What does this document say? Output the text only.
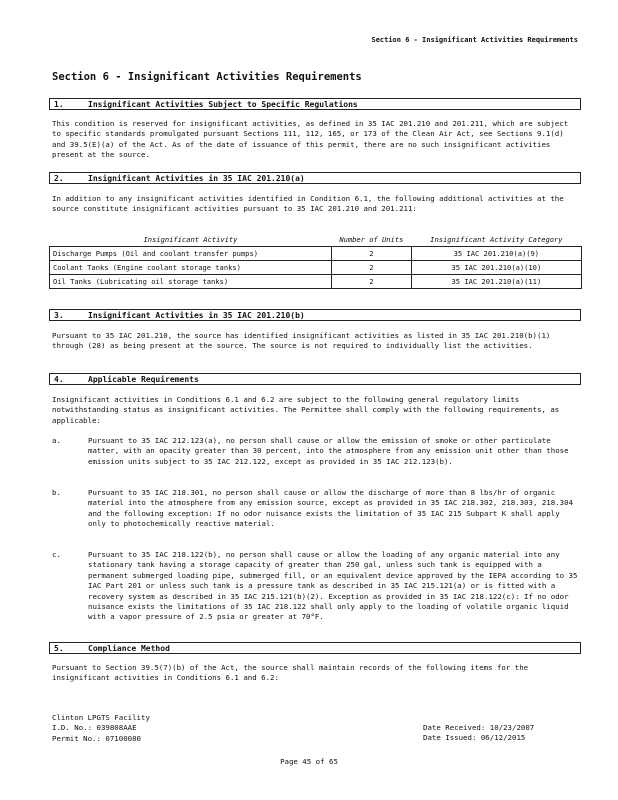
Section 6 - Insignificant Activities Requirements
Section 6 - Insignificant Activities Requirements
1.	Insignificant Activities Subject to Specific Regulations

This condition is reserved for insignificant activities, as defined in 35 IAC 201.210 and 201.211, which are subject to specific standards promulgated pursuant Sections 111, 112, 165, or 173 of the Clean Air Act, see Sections 9.1(d) and 39.5(E)(a) of the Act. As of the date of issuance of this permit, there are no such insignificant activities present at the source.

2.	Insignificant Activities in 35 IAC 201.210(a)

In addition to any insignificant activities identified in Condition 6.1, the following additional activities at the source constitute insignificant activities pursuant to 35 IAC 201.210 and 201.211:

Insignificant Activity	Number of Units	Insignificant Activity Category
Discharge Pumps (Oil and coolant transfer pumps)	2	35 IAC 201.210(a)(9)
Coolant Tanks (Engine coolant storage tanks)	2	35 IAC 201.210(a)(10)
Oil Tanks (Lubricating oil storage tanks)	2	35 IAC 201.210(a)(11)
3.	Insignificant Activities in 35 IAC 201.210(b)

Pursuant to 35 IAC 201.210, the source has identified insignificant activities as listed in 35 IAC 201.210(b)(1) through (28) as being present at the source. The source is not required to individually list the activities.

4.	Applicable Requirements

Insignificant activities in Conditions 6.1 and 6.2 are subject to the following general regulatory limits notwithstanding status as insignificant activities. The Permittee shall comply with the following requirements, as applicable:

a.	Pursuant to 35 IAC 212.123(a), no person shall cause or allow the emission of smoke or other particulate matter, with an opacity greater than 30 percent, into the atmosphere from any emission unit other than those emission units subject to 35 IAC 212.122, except as provided in 35 IAC 212.123(b).
b.	Pursuant to 35 IAC 218.301, no person shall cause or allow the discharge of more than 8 lbs/hr of organic material into the atmosphere from any emission source, except as provided in 35 IAC 218.302, 218.303, 218.304 and the following exception: If no odor nuisance exists the limitation of 35 IAC 215 Subpart K shall apply only to photochemically reactive material.
c.	Pursuant to 35 IAC 218.122(b), no person shall cause or allow the loading of any organic material into any stationary tank having a storage capacity of greater than 250 gal, unless such tank is equipped with a permanent submerged loading pipe, submerged fill, or an equivalent device approved by the IEPA according to 35 IAC Part 201 or unless such tank is a pressure tank as described in 35 IAC 215.121(a) or is fitted with a recovery system as described in 35 IAC 215.121(b)(2). Exception as provided in 35 IAC 218.122(c): If no odor nuisance exists the limitations of 35 IAC 218.122 shall only apply to the loading of volatile organic liquid with a vapor pressure of 2.5 psia or greater at 70°F.
5.	Compliance Method

Pursuant to Section 39.5(7)(b) of the Act, the source shall maintain records of the following items for the insignificant activities in Conditions 6.1 and 6.2:

Clinton LPGTS Facility
I.D. No.: 039808AAE
Permit No.: 07100080
Date Received: 10/23/2007
Date Issued: 06/12/2015
Page 45 of 65
